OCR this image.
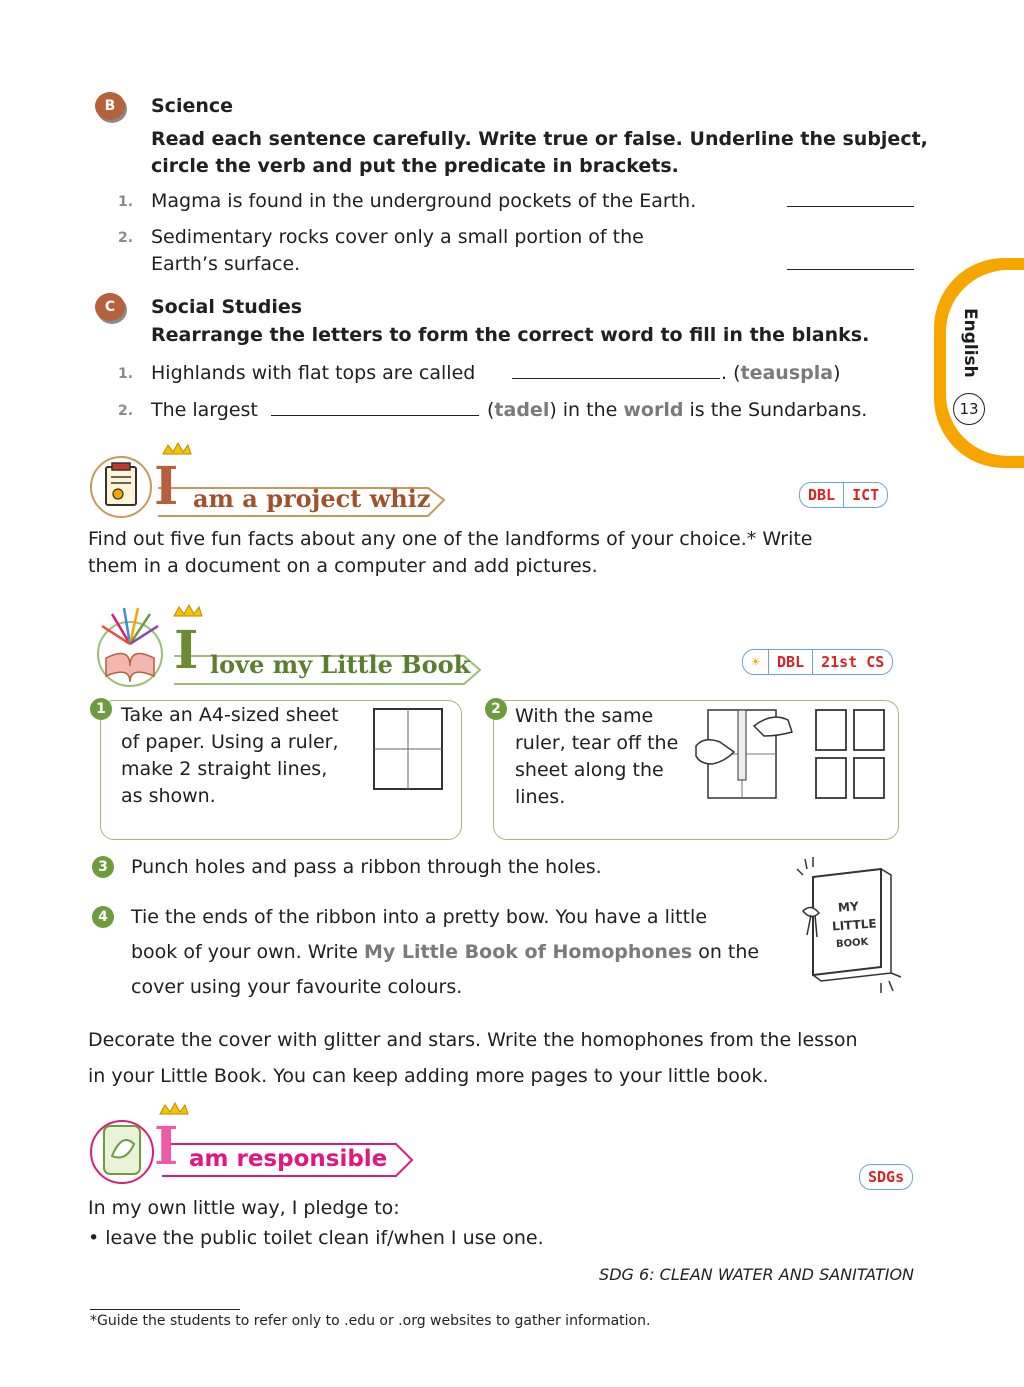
English
13
B	Science
Read each sentence carefully. Write true or false. Underline the subject,
circle the verb and put the predicate in brackets.
1. Magma is found in the underground pockets of the Earth.
2. Sedimentary rocks cover only a small portion of the
Earth’s surface.
C	Social Studies
Rearrange the letters to form the correct word to fill in the blanks.
1. Highlands with flat tops are called	. (teauspla)
2. The largest	(tadel) in the world is the Sundarbans.
I am a project whiz	DBL	ICT
Find out five fun facts about any one of the landforms of your choice.* Write
them in a document on a computer and add pictures.
I love my Little Book	☀	DBL	21st CS
1 Take an A4-sized sheet
of paper. Using a ruler,
make 2 straight lines,
as shown.
2 With the same
ruler, tear off the
sheet along the
lines.
3	Punch holes and pass a ribbon through the holes.
4	Tie the ends of the ribbon into a pretty bow. You have a little
book of your own. Write My Little Book of Homophones on the
cover using your favourite colours.
MY
LITTLE
BOOK
Decorate the cover with glitter and stars. Write the homophones from the lesson
in your Little Book. You can keep adding more pages to your little book.
I am responsible
SDGs
In my own little way, I pledge to:
• leave the public toilet clean if/when I use one.
SDG 6: CLEAN WATER AND SANITATION
*Guide the students to refer only to .edu or .org websites to gather information.
